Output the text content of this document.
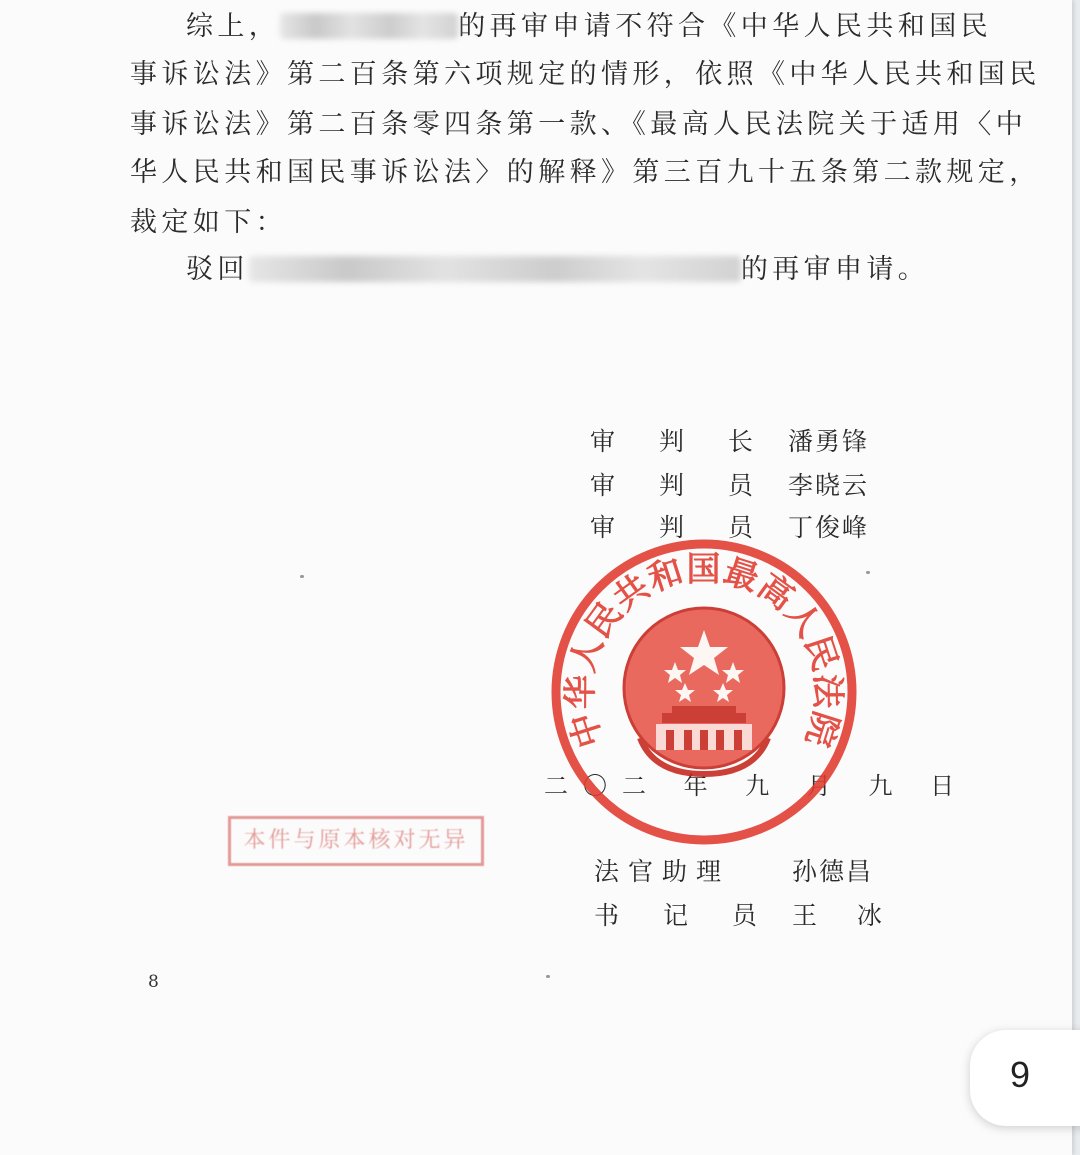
综上，	的再审申请不符合《中华人民共和国民
事诉讼法》第二百条第六项规定的情形，依照《中华人民共和国民
事诉讼法》第二百条零四条第一款、《最高人民法院关于适用〈中
华人民共和国民事诉讼法〉的解释》第三百九十五条第二款规定，
裁定如下：
驳回	的再审申请。
审 判 长 潘勇锋
审 判 员 李晓云
审 判 员 丁俊峰
二〇二 年 九 月 九 日
中华人民共和国最高人民法院
本件与原本核对无异
法官助理 孙德昌
书 记 员 王  冰
8
9
